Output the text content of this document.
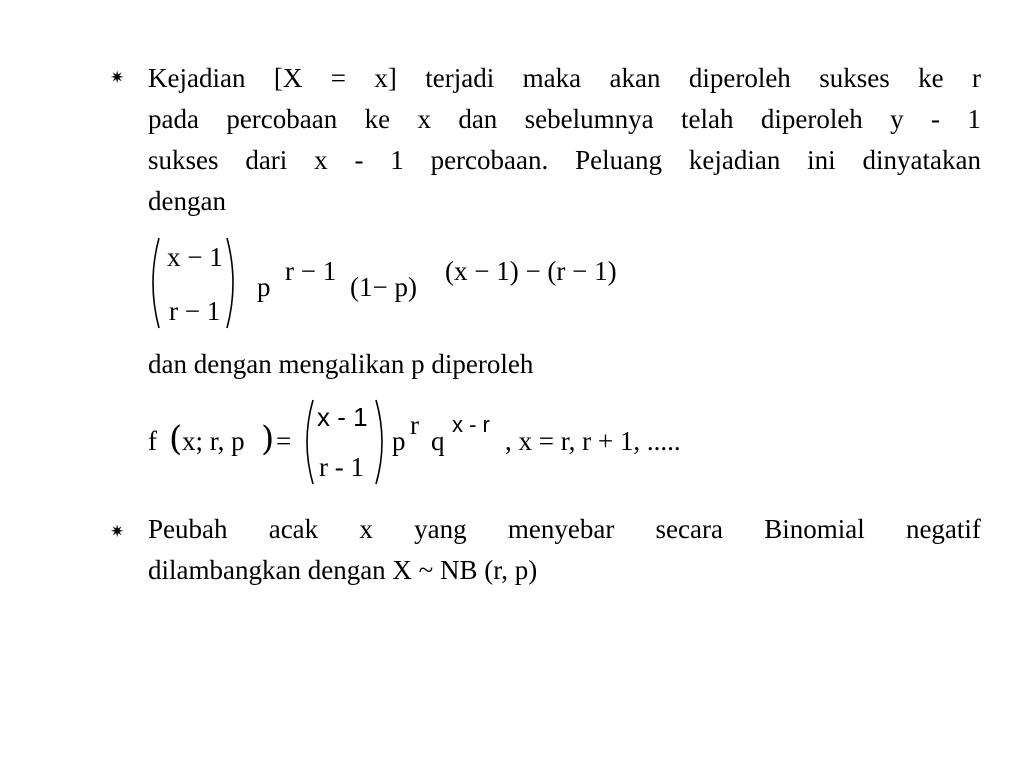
✷ Kejadian [X = x] terjadi maka akan diperoleh sukses ke r
pada percobaan ke x dan sebelumnya telah diperoleh y - 1
sukses dari x - 1 percobaan. Peluang kejadian ini dinyatakan
dengan
x − 1
r − 1
p
r − 1
(1− p)
(x − 1) − (r − 1)
dan dengan mengalikan p diperoleh
f ( x; r, p ) =
x - 1
r - 1
p
r
q
x - r
, x = r, r + 1, .....
✷ Peubah acak x yang menyebar secara Binomial negatif
dilambangkan dengan X ~ NB (r, p)
